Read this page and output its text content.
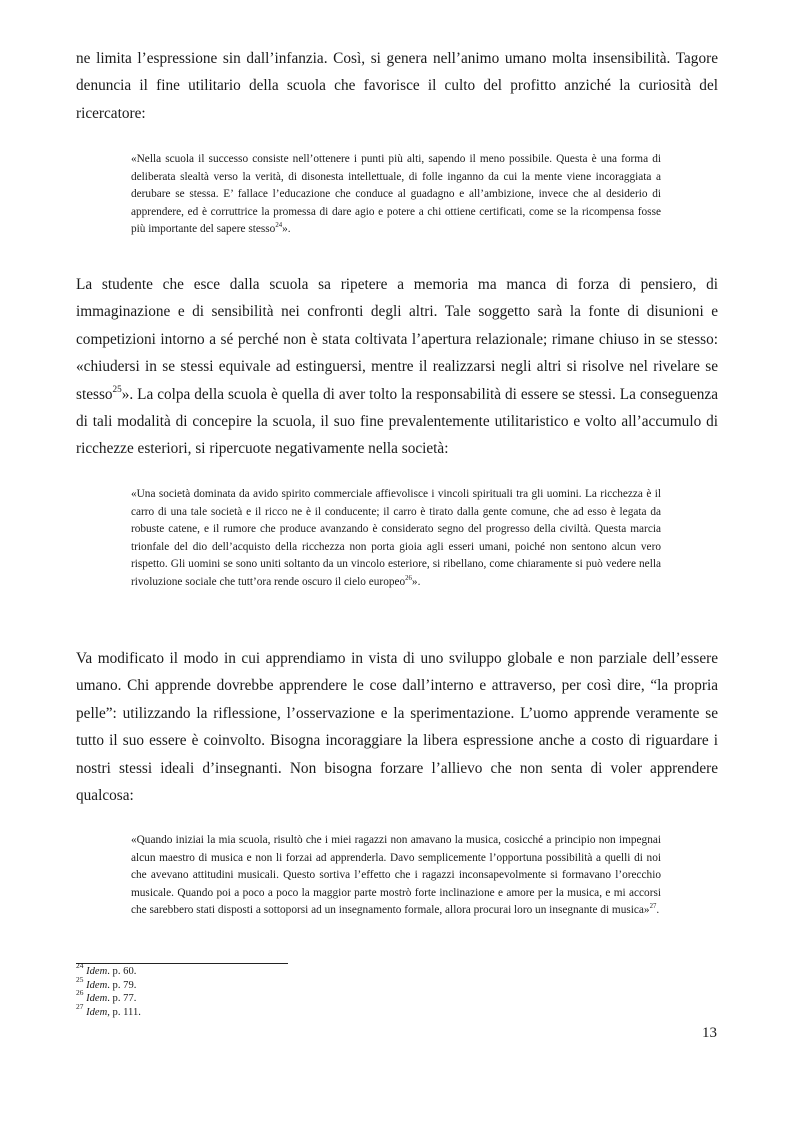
ne limita l’espressione sin dall’infanzia. Così, si genera nell’animo umano molta insensibilità. Tagore denuncia il fine utilitario della scuola che favorisce il culto del profitto anziché la curiosità del ricercatore:

«Nella scuola il successo consiste nell’ottenere i punti più alti, sapendo il meno possibile. Questa è una forma di deliberata slealtà verso la verità, di disonesta intellettuale, di folle inganno da cui la mente viene incoraggiata a derubare se stessa. E’ fallace l’educazione che conduce al guadagno e all’ambizione, invece che al desiderio di apprendere, ed è corruttrice la promessa di dare agio e potere a chi ottiene certificati, come se la ricompensa fosse più importante del sapere stesso$^{24}$».

La studente che esce dalla scuola sa ripetere a memoria ma manca di forza di pensiero, di immaginazione e di sensibilità nei confronti degli altri. Tale soggetto sarà la fonte di disunioni e competizioni intorno a sé perché non è stata coltivata l’apertura relazionale; rimane chiuso in se stesso: «chiudersi in se stessi equivale ad estinguersi, mentre il realizzarsi negli altri si risolve nel rivelare se stesso$^{25}$». La colpa della scuola è quella di aver tolto la responsabilità di essere se stessi. La conseguenza di tali modalità di concepire la scuola, il suo fine prevalentemente utilitaristico e volto all’accumulo di ricchezze esteriori, si ripercuote negativamente nella società:

«Una società dominata da avido spirito commerciale affievolisce i vincoli spirituali tra gli uomini. La ricchezza è il carro di una tale società e il ricco ne è il conducente; il carro è tirato dalla gente comune, che ad esso è legata da robuste catene, e il rumore che produce avanzando è considerato segno del progresso della civiltà. Questa marcia trionfale del dio dell’acquisto della ricchezza non porta gioia agli esseri umani, poiché non sentono alcun vero rispetto. Gli uomini se sono uniti soltanto da un vincolo esteriore, si ribellano, come chiaramente si può vedere nella rivoluzione sociale che tutt’ora rende oscuro il cielo europeo$^{26}$».

Va modificato il modo in cui apprendiamo in vista di uno sviluppo globale e non parziale dell’essere umano. Chi apprende dovrebbe apprendere le cose dall’interno e attraverso, per così dire, “la propria pelle”: utilizzando la riflessione, l’osservazione e la sperimentazione. L’uomo apprende veramente se tutto il suo essere è coinvolto. Bisogna incoraggiare la libera espressione anche a costo di riguardare i nostri stessi ideali d’insegnanti. Non bisogna forzare l’allievo che non senta di voler apprendere qualcosa:

«Quando iniziai la mia scuola, risultò che i miei ragazzi non amavano la musica, cosicché a principio non impegnai alcun maestro di musica e non li forzai ad apprenderla. Davo semplicemente l’opportuna possibilità a quelli di noi che avevano attitudini musicali. Questo sortiva l’effetto che i ragazzi inconsapevolmente si formavano l’orecchio musicale. Quando poi a poco a poco la maggior parte mostrò forte inclinazione e amore per la musica, e mi accorsi che sarebbero stati disposti a sottoporsi ad un insegnamento formale, allora procurai loro un insegnante di musica»$^{27}$.

$^{24}$ Idem. p. 60.
$^{25}$ Idem. p. 79.
$^{26}$ Idem. p. 77.
$^{27}$ Idem, p. 111.
13
